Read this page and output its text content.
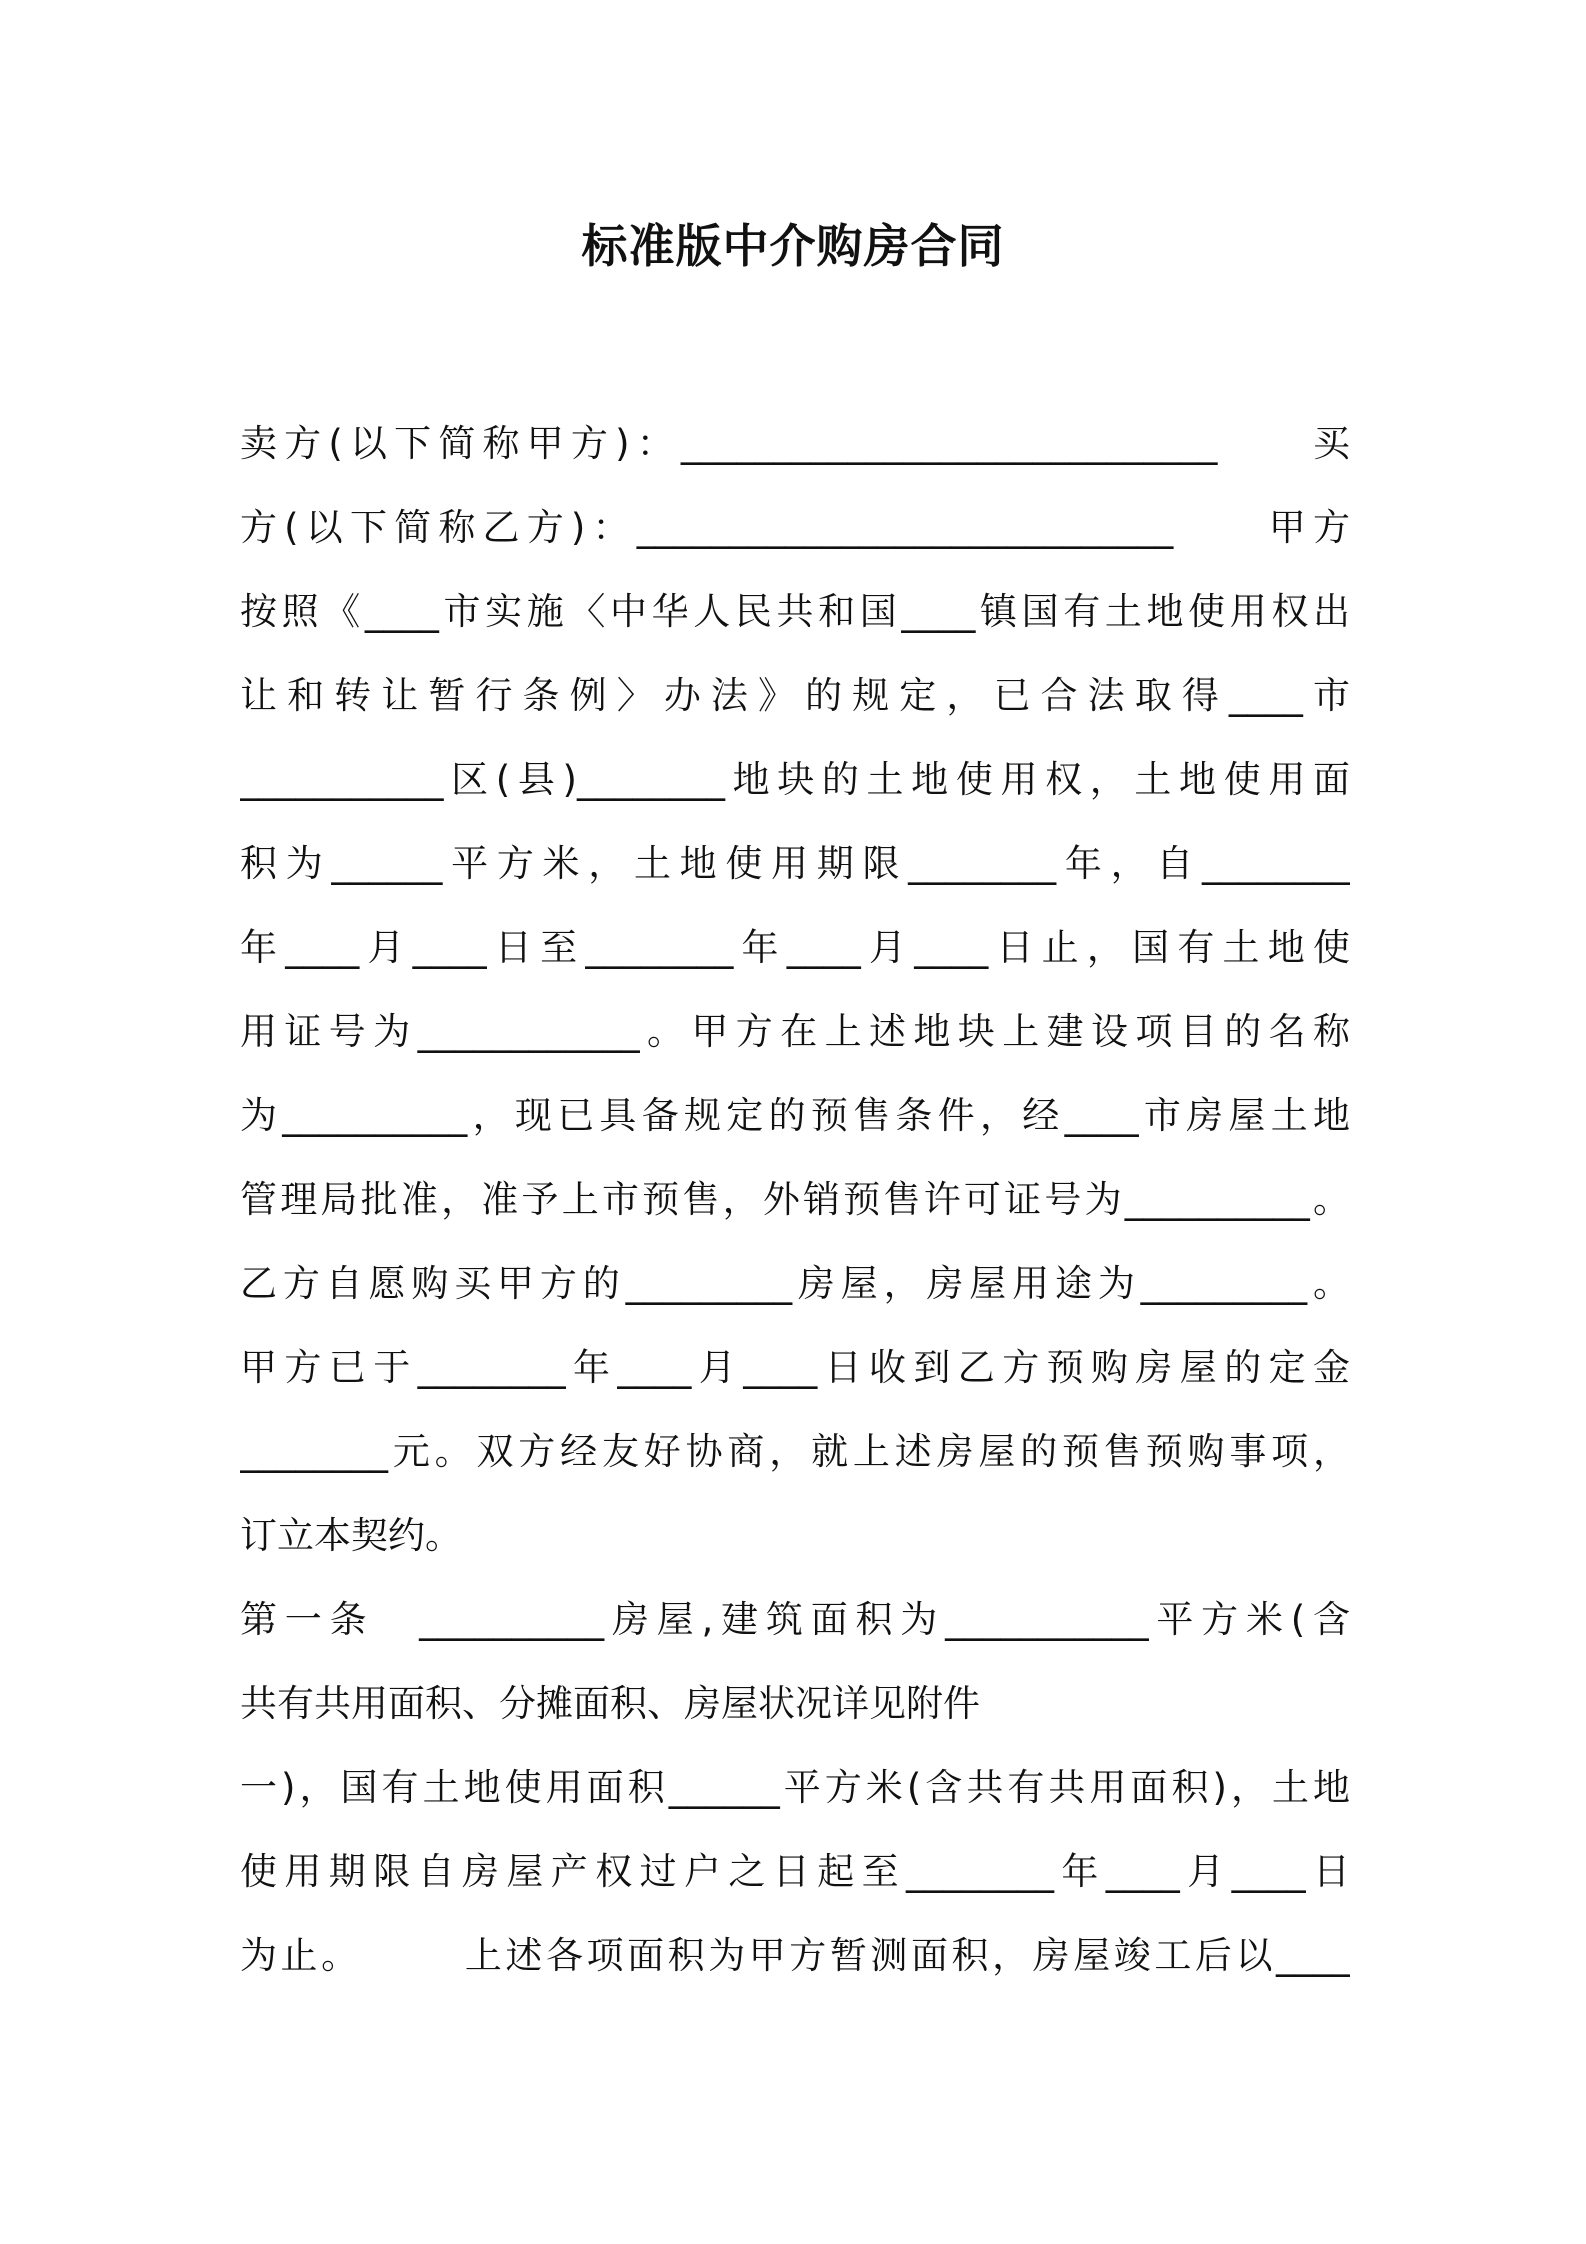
标准版中介购房合同
卖方(以下简称甲方)：_____________________________　　买
方(以下简称乙方)：_____________________________　　甲方
按照《____市实施〈中华人民共和国____镇国有土地使用权出
让和转让暂行条例〉办法》的规定，已合法取得____市
___________区(县)________地块的土地使用权，土地使用面
积为______平方米，土地使用期限________年，自________
年____月____日至________年____月____日止，国有土地使
用证号为____________。甲方在上述地块上建设项目的名称
为__________，现已具备规定的预售条件，经____市房屋土地
管理局批准，准予上市预售，外销预售许可证号为__________。
乙方自愿购买甲方的_________房屋，房屋用途为_________。
甲方已于________年____月____日收到乙方预购房屋的定金
________元。双方经友好协商，就上述房屋的预售预购事项，
订立本契约。
第一条　__________房屋,建筑面积为___________平方米(含
共有共用面积、分摊面积、房屋状况详见附件
一)，国有土地使用面积______平方米(含共有共用面积)，土地
使用期限自房屋产权过户之日起至________年____月____日
为止。　　　上述各项面积为甲方暂测面积，房屋竣工后以____
